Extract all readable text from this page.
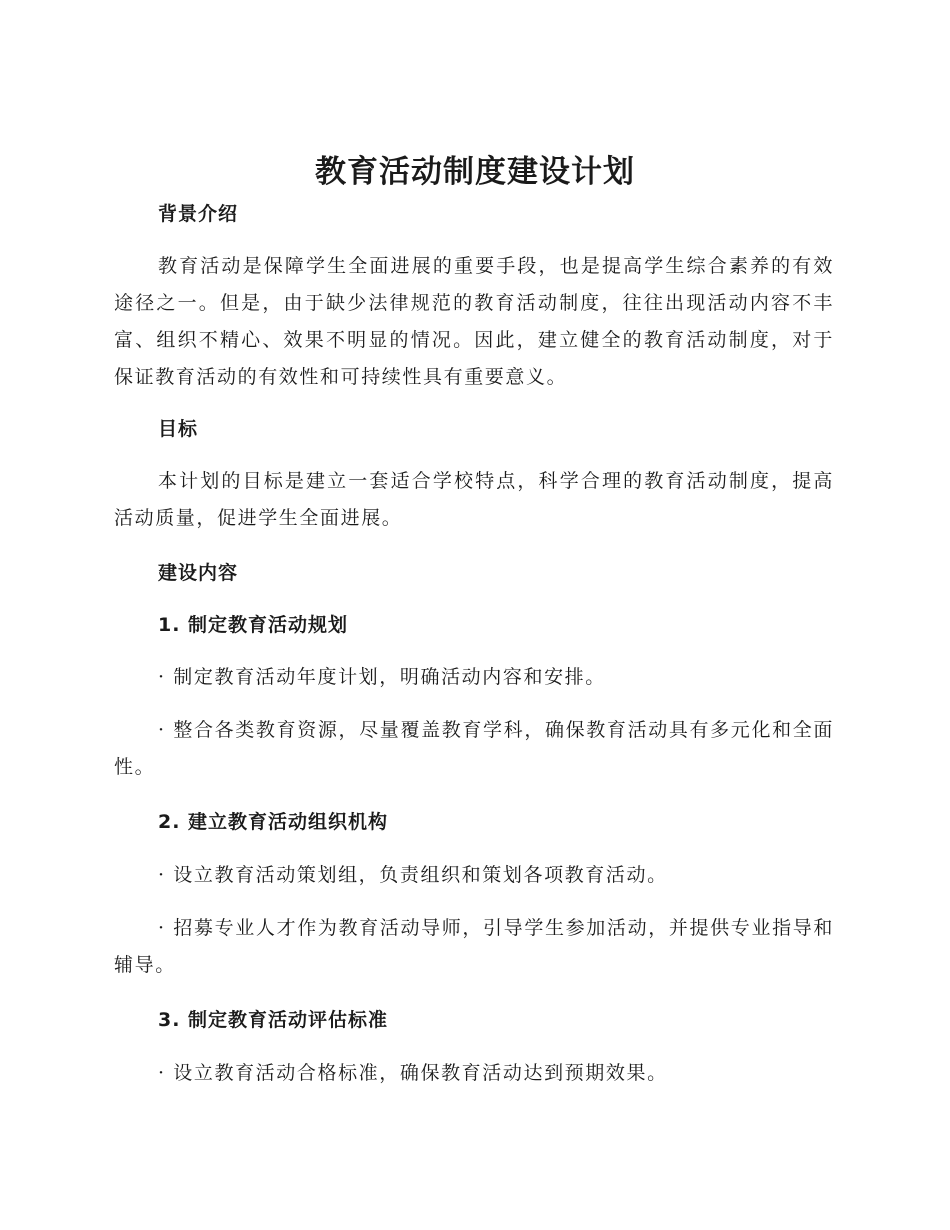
教育活动制度建设计划

背景介绍

教育活动是保障学生全面进展的重要手段，也是提高学生综合素养的有效途径之一。但是，由于缺少法律规范的教育活动制度，往往出现活动内容不丰富、组织不精心、效果不明显的情况。因此，建立健全的教育活动制度，对于保证教育活动的有效性和可持续性具有重要意义。

目标

本计划的目标是建立一套适合学校特点，科学合理的教育活动制度，提高活动质量，促进学生全面进展。

建设内容

1. 制定教育活动规划

· 制定教育活动年度计划，明确活动内容和安排。

· 整合各类教育资源，尽量覆盖教育学科，确保教育活动具有多元化和全面性。

2. 建立教育活动组织机构

· 设立教育活动策划组，负责组织和策划各项教育活动。

· 招募专业人才作为教育活动导师，引导学生参加活动，并提供专业指导和辅导。

3. 制定教育活动评估标准

· 设立教育活动合格标准，确保教育活动达到预期效果。
